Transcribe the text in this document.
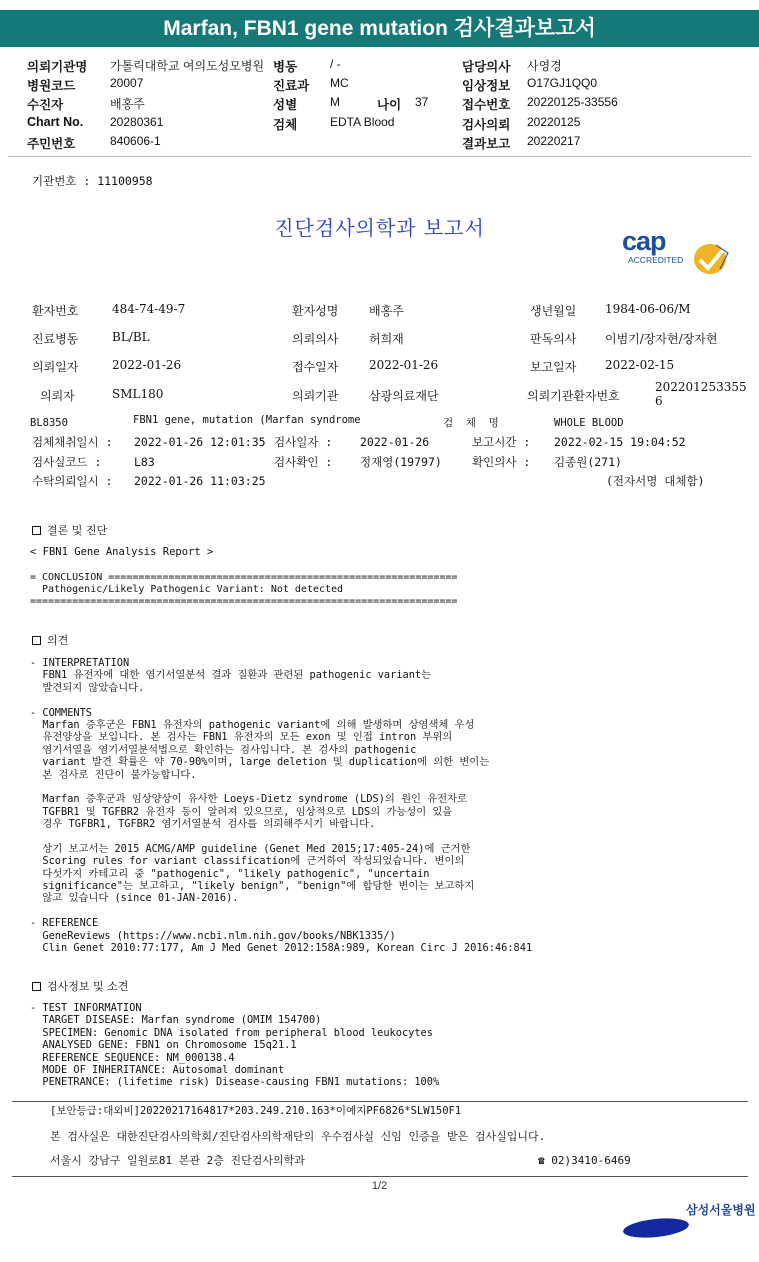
Marfan, FBN1 gene mutation 검사결과보고서
의뢰기관명 가톨릭대학교 여의도성모병원 병동	/ -	담당의사 사영경
병원코드	20007	진료과 MC	임상정보 O17GJ1QQ0
수진자	배홍주	성별	M	나이 37	접수번호 20220125-33556
Chart No. 20280361	검체	EDTA Blood	검사의뢰 20220125
주민번호	840606-1	결과보고 20220217
기관번호 : 11100958
진단검사의학과 보고서

	cap

ACCREDITED

환자번호	484-74-49-7	환자성명	배홍주	생년월일 1984-06-06/M
진료병동	BL/BL	의뢰의사	허희재	판독의사 이범기/장자현/장자현
의뢰일자	2022-01-26	접수일자	2022-01-26	보고일자 2022-02-15
의뢰자	SML180	의뢰기관	삼광의료재단	의뢰기관환자번호
202201253355
6
BL8350	FBN1 gene, mutation (Marfan syndrome	검  체  명	WHOLE BLOOD
검체채취일시 : 2022-01-26 12:01:35 검사일자 : 2022-01-26	보고시간 : 2022-02-15 19:04:52
검사실코드 :	L83	검사확인 : 정재영(19797)	확인의사 : 김종원(271)
수탁의뢰일시 : 2022-01-26 11:03:25	(전자서명 대체함)
결론 및 진단
< FBN1 Gene Analysis Report >
= CONCLUSION ==========================================================
Pathogenic/Likely Pathogenic Variant: Not detected
=======================================================================
의견
- INTERPRETATION
FBN1 유전자에 대한 염기서열분석 결과 질환과 관련된 pathogenic variant는
발견되지 않았습니다.
- COMMENTS
Marfan 증후군은 FBN1 유전자의 pathogenic variant에 의해 발생하며 상염색체 우성
유전양상을 보입니다. 본 검사는 FBN1 유전자의 모든 exon 및 인접 intron 부위의
염기서열을 염기서열분석법으로 확인하는 검사입니다. 본 검사의 pathogenic
variant 발견 확률은 약 70-90%이며, large deletion 및 duplication에 의한 변이는
본 검사로 진단이 불가능합니다.
Marfan 증후군과 임상양상이 유사한 Loeys-Dietz syndrome (LDS)의 원인 유전자로
TGFBR1 및 TGFBR2 유전자 등이 알려져 있으므로, 임상적으로 LDS의 가능성이 있을
경우 TGFBR1, TGFBR2 염기서열분석 검사를 의뢰해주시기 바랍니다.
상기 보고서는 2015 ACMG/AMP guideline (Genet Med 2015;17:405-24)에 근거한
Scoring rules for variant classification에 근거하여 작성되었습니다. 변이의
다섯가지 카테고리 중 "pathogenic", "likely pathogenic", "uncertain
significance"는 보고하고, "likely benign", "benign"에 합당한 변이는 보고하지
않고 있습니다 (since 01-JAN-2016).
- REFERENCE
GeneReviews (https://www.ncbi.nlm.nih.gov/books/NBK1335/)
Clin Genet 2010:77:177, Am J Med Genet 2012:158A:989, Korean Circ J 2016:46:841
검사정보 및 소견
- TEST INFORMATION
TARGET DISEASE: Marfan syndrome (OMIM 154700)
SPECIMEN: Genomic DNA isolated from peripheral blood leukocytes
ANALYSED GENE: FBN1 on Chromosome 15q21.1
REFERENCE SEQUENCE: NM_000138.4
MODE OF INHERITANCE: Autosomal dominant
PENETRANCE: (lifetime risk) Disease-causing FBN1 mutations: 100%
[보안등급:대외비]20220217164817*203.249.210.163*이예지PF6826*SLW150F1
본 검사실은 대한진단검사의학회/진단검사의학재단의 우수검사실 신임 인증을 받은 검사실입니다.
서울시 강남구 일원로81 본관 2층 진단검사의학과	☎ 02)3410-6469
1/2

SAMSUNG	삼성서울병원
